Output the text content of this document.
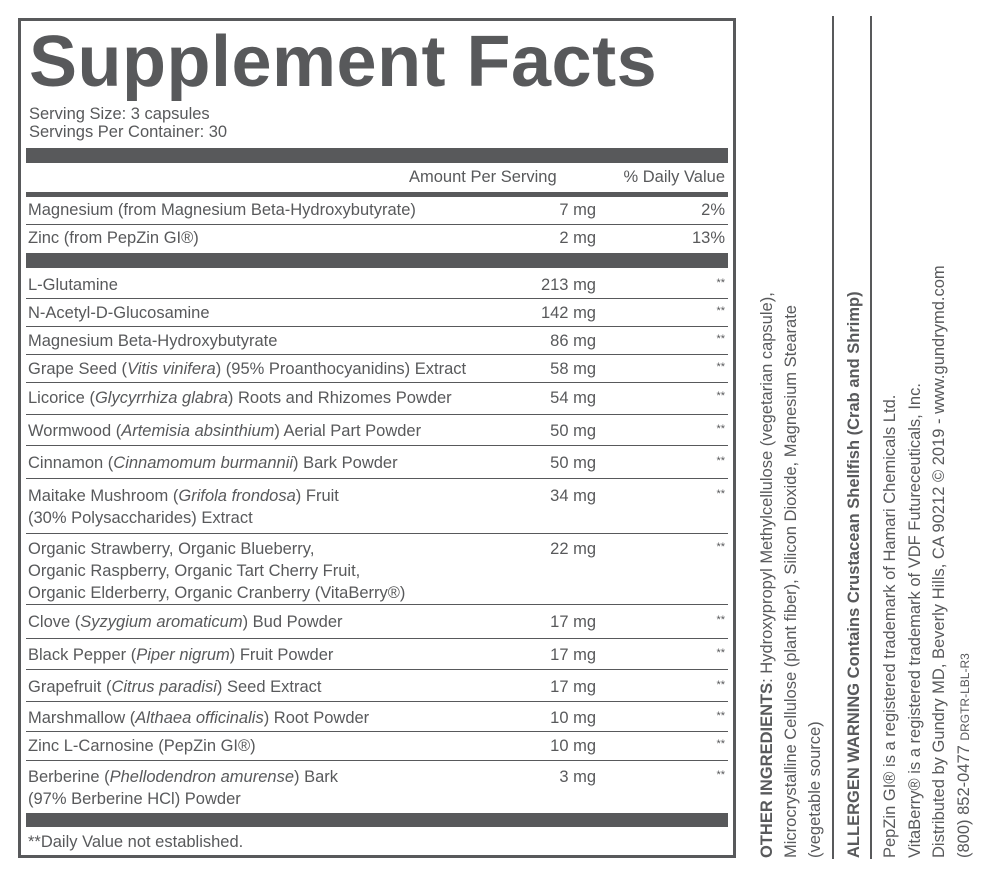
Supplement Facts
Serving Size: 3 capsules
Servings Per Container: 30
Amount Per Serving	% Daily Value
Magnesium (from Magnesium Beta-Hydroxybutyrate)	7 mg	2%
Zinc (from PepZin GI®)	2 mg	13%
L-Glutamine	213 mg	**
N-Acetyl-D-Glucosamine	142 mg	**
Magnesium Beta-Hydroxybutyrate	86 mg	**
Grape Seed (Vitis vinifera) (95% Proanthocyanidins) Extract	58 mg	**
Licorice (Glycyrrhiza glabra) Roots and Rhizomes Powder	54 mg	**
Wormwood (Artemisia absinthium) Aerial Part Powder	50 mg	**
Cinnamon (Cinnamomum burmannii) Bark Powder	50 mg	**
Maitake Mushroom (Grifola frondosa) Fruit
(30% Polysaccharides) Extract
34 mg	**
Organic Strawberry, Organic Blueberry,
Organic Raspberry, Organic Tart Cherry Fruit,
Organic Elderberry, Organic Cranberry (VitaBerry®)
22 mg	**
Clove (Syzygium aromaticum) Bud Powder	17 mg	**
Black Pepper (Piper nigrum) Fruit Powder	17 mg	**
Grapefruit (Citrus paradisi) Seed Extract	17 mg	**
Marshmallow (Althaea officinalis) Root Powder	10 mg	**
Zinc L-Carnosine (PepZin GI®)	10 mg	**
Berberine (Phellodendron amurense) Bark
(97% Berberine HCl) Powder
3 mg	**
**Daily Value not established.	OTHER INGREDIENTS: Hydroxypropyl Methylcellulose (vegetarian capsule), Microcrystalline Cellulose (plant fiber), Silicon Dioxide, Magnesium Stearate (vegetable source) ALLERGEN WARNING Contains Crustacean Shellfish (Crab and Shrimp) PepZin GI® is a registered trademark of Hamari Chemicals Ltd. VitaBerry® is a registered trademark of VDF Futureceuticals, Inc. Distributed by Gundry MD, Beverly Hills, CA 90212 © 2019 - www.gundrymd.com (800) 852-0477 DRGTR-LBL-R3
